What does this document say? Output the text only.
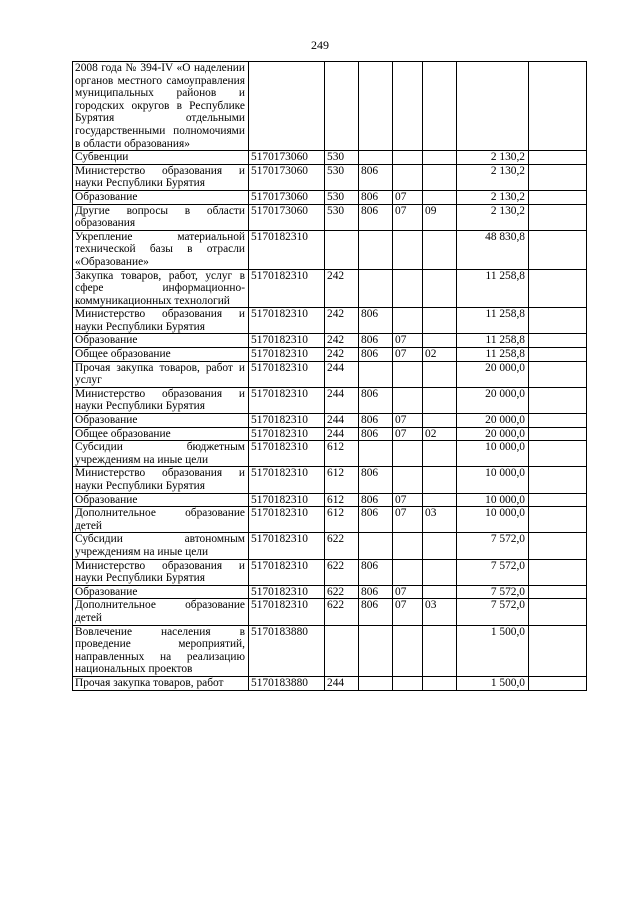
249
2008 года № 394-IV «О наделении органов местного самоуправления муниципальных районов и городских округов в Республике Бурятия отдельными государственными полномочиями в области образования»							
Субвенции	5170173060	530				2 130,2	
Министерство образования и науки Республики Бурятия	5170173060	530	806			2 130,2	
Образование	5170173060	530	806	07		2 130,2	
Другие вопросы в области образования	5170173060	530	806	07	09	2 130,2	
Укрепление материальной технической базы в отрасли «Образование»	5170182310					48 830,8	
Закупка товаров, работ, услуг в сфере информационно-коммуникационных технологий	5170182310	242				11 258,8	
Министерство образования и науки Республики Бурятия	5170182310	242	806			11 258,8	
Образование	5170182310	242	806	07		11 258,8	
Общее образование	5170182310	242	806	07	02	11 258,8	
Прочая закупка товаров, работ и услуг	5170182310	244				20 000,0	
Министерство образования и науки Республики Бурятия	5170182310	244	806			20 000,0	
Образование	5170182310	244	806	07		20 000,0	
Общее образование	5170182310	244	806	07	02	20 000,0	
Субсидии бюджетным учреждениям на иные цели	5170182310	612				10 000,0	
Министерство образования и науки Республики Бурятия	5170182310	612	806			10 000,0	
Образование	5170182310	612	806	07		10 000,0	
Дополнительное образование детей	5170182310	612	806	07	03	10 000,0	
Субсидии автономным учреждениям на иные цели	5170182310	622				7 572,0	
Министерство образования и науки Республики Бурятия	5170182310	622	806			7 572,0	
Образование	5170182310	622	806	07		7 572,0	
Дополнительное образование детей	5170182310	622	806	07	03	7 572,0	
Вовлечение населения в проведение мероприятий, направленных на реализацию национальных проектов	5170183880					1 500,0	
Прочая закупка товаров, работ	5170183880	244				1 500,0	
